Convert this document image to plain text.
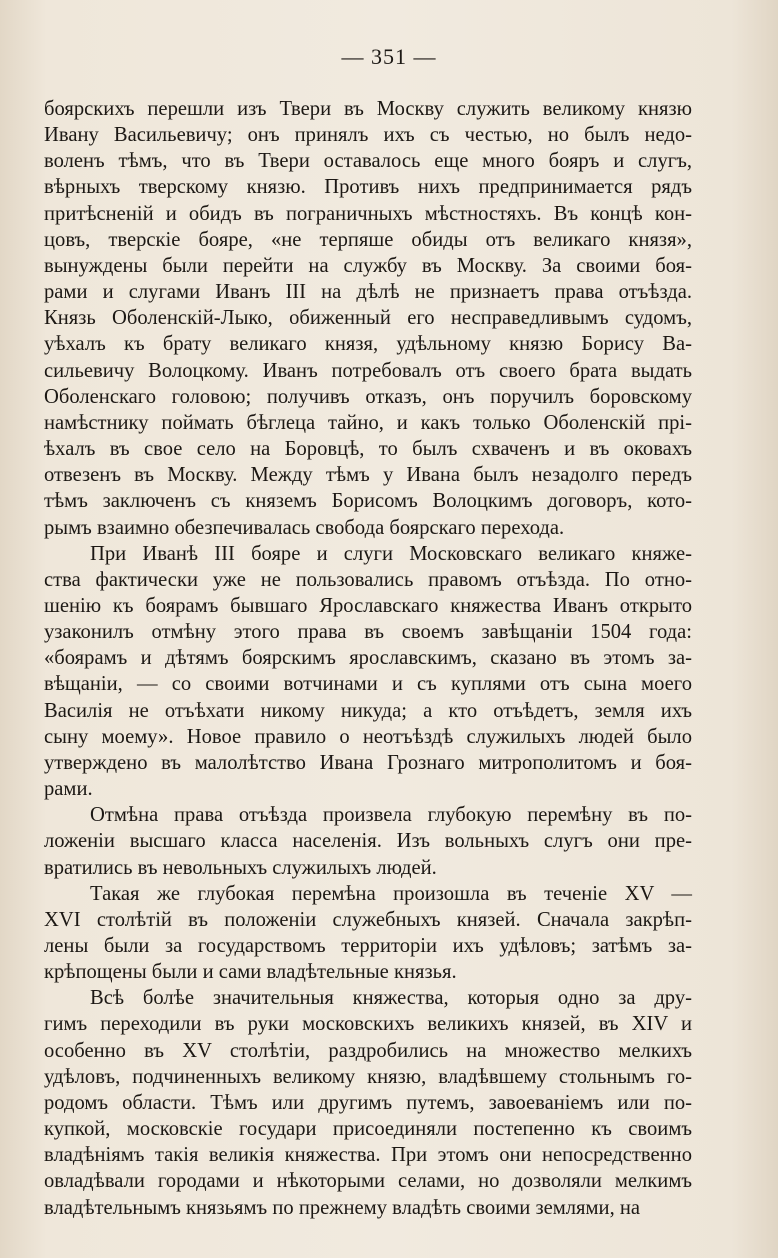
— 351 —
боярскихъ перешли изъ Твери въ Москву служить великому князю
Ивану Васильевичу; онъ принялъ ихъ съ честью, но былъ недо-
воленъ тѣмъ, что въ Твери оставалось еще много бояръ и слугъ,
вѣрныхъ тверскому князю. Противъ нихъ предпринимается рядъ
притѣсненій и обидъ въ пограничныхъ мѣстностяхъ. Въ концѣ кон-
цовъ, тверскіе бояре, «не терпяше обиды отъ великаго князя»,
вынуждены были перейти на службу въ Москву. За своими боя-
рами и слугами Иванъ III на дѣлѣ не признаетъ права отъѣзда.
Князь Оболенскій-Лыко, обиженный его несправедливымъ судомъ,
уѣхалъ къ брату великаго князя, удѣльному князю Борису Ва-
сильевичу Волоцкому. Иванъ потребовалъ отъ своего брата выдать
Оболенскаго головою; получивъ отказъ, онъ поручилъ боровскому
намѣстнику поймать бѣглеца тайно, и какъ только Оболенскій прі-
ѣхалъ въ свое село на Боровцѣ, то былъ схваченъ и въ оковахъ
отвезенъ въ Москву. Между тѣмъ у Ивана былъ незадолго передъ
тѣмъ заключенъ съ княземъ Борисомъ Волоцкимъ договоръ, кото-
рымъ взаимно обезпечивалась свобода боярскаго перехода.
При Иванѣ III бояре и слуги Московскаго великаго княже-
ства фактически уже не пользовались правомъ отъѣзда. По отно-
шенію къ боярамъ бывшаго Ярославскаго княжества Иванъ открыто
узаконилъ отмѣну этого права въ своемъ завѣщаніи 1504 года:
«боярамъ и дѣтямъ боярскимъ ярославскимъ, сказано въ этомъ за-
вѣщаніи, — со своими вотчинами и съ куплями отъ сына моего
Василія не отъѣхати никому никуда; а кто отъѣдетъ, земля ихъ
сыну моему». Новое правило о неотъѣздѣ служилыхъ людей было
утверждено въ малолѣтство Ивана Грознаго митрополитомъ и боя-
рами.
Отмѣна права отъѣзда произвела глубокую перемѣну въ по-
ложеніи высшаго класса населенія. Изъ вольныхъ слугъ они пре-
вратились въ невольныхъ служилыхъ людей.
Такая же глубокая перемѣна произошла въ теченіе XV —
XVI столѣтій въ положеніи служебныхъ князей. Сначала закрѣп-
лены были за государствомъ территоріи ихъ удѣловъ; затѣмъ за-
крѣпощены были и сами владѣтельные князья.
Всѣ болѣе значительныя княжества, которыя одно за дру-
гимъ переходили въ руки московскихъ великихъ князей, въ XIV и
особенно въ XV столѣтіи, раздробились на множество мелкихъ
удѣловъ, подчиненныхъ великому князю, владѣвшему стольнымъ го-
родомъ области. Тѣмъ или другимъ путемъ, завоеваніемъ или по-
купкой, московскіе государи присоединяли постепенно къ своимъ
владѣніямъ такія великія княжества. При этомъ они непосредственно
овладѣвали городами и нѣкоторыми селами, но дозволяли мелкимъ
владѣтельнымъ князьямъ по прежнему владѣть своими землями, на
